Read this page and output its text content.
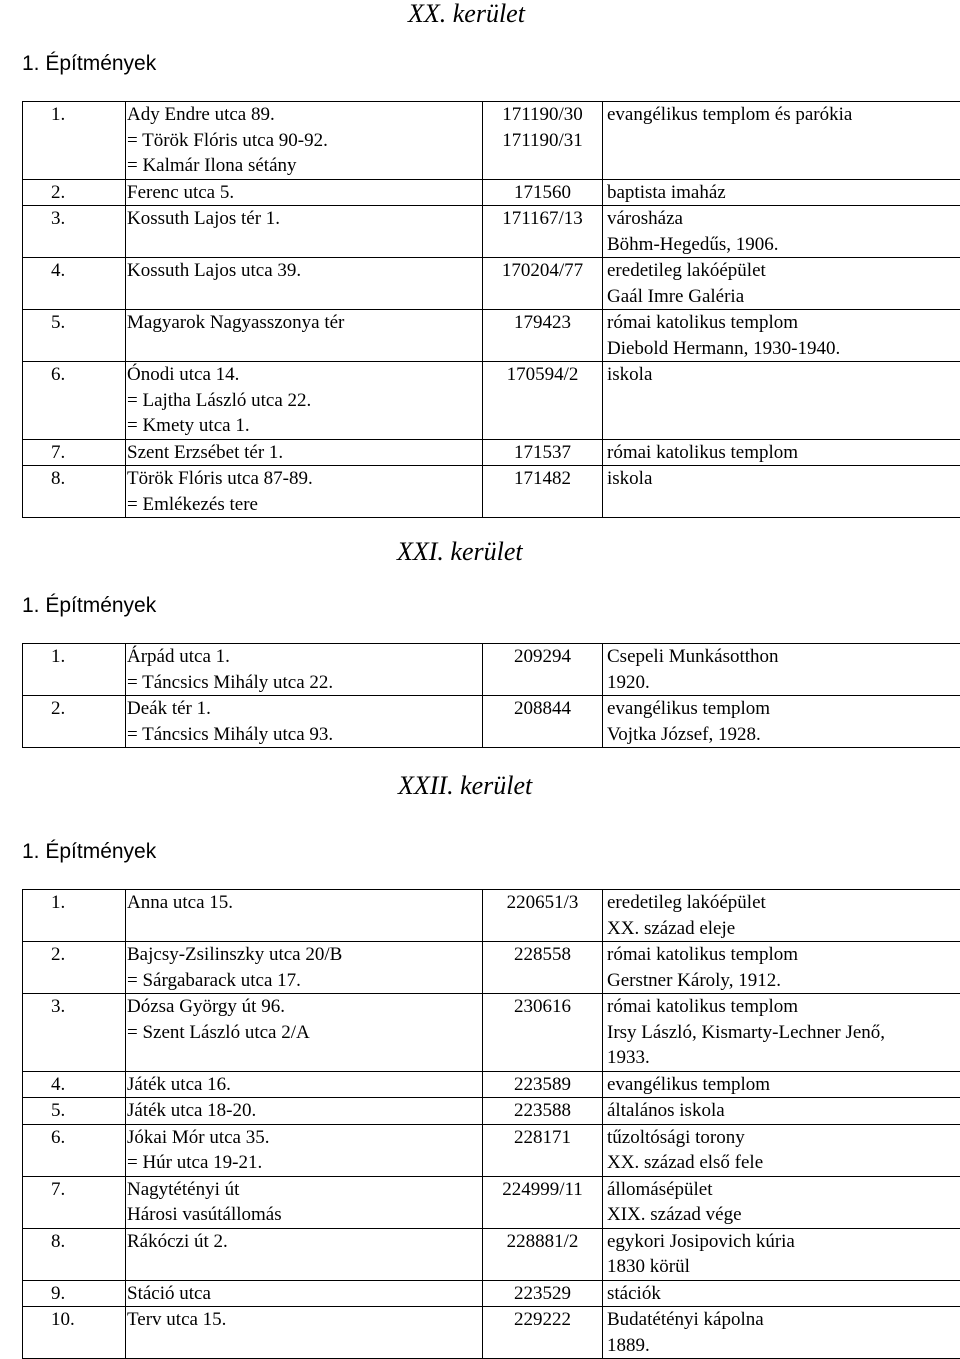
XX. kerület
1. Építmények
1.	Ady Endre utca 89.
= Török Flóris utca 90-92.
= Kalmár Ilona sétány	171190/30
171190/31	evangélikus templom és parókia

2.	Ferenc utca 5.	171560	baptista imaház

3.	Kossuth Lajos tér 1.	171167/13	városháza
Böhm-Hegedűs, 1906.

4.	Kossuth Lajos utca 39.	170204/77	eredetileg lakóépület
Gaál Imre Galéria

5.	Magyarok Nagyasszonya tér	179423	római katolikus templom
Diebold Hermann, 1930-1940.

6.	Ónodi utca 14.
= Lajtha László utca 22.
= Kmety utca 1.	170594/2	iskola

7.	Szent Erzsébet tér 1.	171537	római katolikus templom

8.	Török Flóris utca 87-89.
= Emlékezés tere	171482	iskola
XXI. kerület
1. Építmények
1.	Árpád utca 1.
= Táncsics Mihály utca 22.	209294	Csepeli Munkásotthon
1920.

2.	Deák tér 1.
= Táncsics Mihály utca 93.	208844	evangélikus templom
Vojtka József, 1928.
XXII. kerület
1. Építmények
1.	Anna utca 15.	220651/3	eredetileg lakóépület
XX. század eleje

2.	Bajcsy-Zsilinszky utca 20/B
= Sárgabarack utca 17.	228558	római katolikus templom
Gerstner Károly, 1912.

3.	Dózsa György út 96.
= Szent László utca 2/A	230616	római katolikus templom
Irsy László, Kismarty-Lechner Jenő,
1933.

4.	Játék utca 16.	223589	evangélikus templom

5.	Játék utca 18-20.	223588	általános iskola

6.	Jókai Mór utca 35.
= Húr utca 19-21.	228171	tűzoltósági torony
XX. század első fele

7.	Nagytétényi út
Hárosi vasútállomás	224999/11	állomásépület
XIX. század vége

8.	Rákóczi út 2.	228881/2	egykori Josipovich kúria
1830 körül

9.	Stáció utca	223529	stációk

10.	Terv utca 15.	229222	Budatétényi kápolna
1889.
